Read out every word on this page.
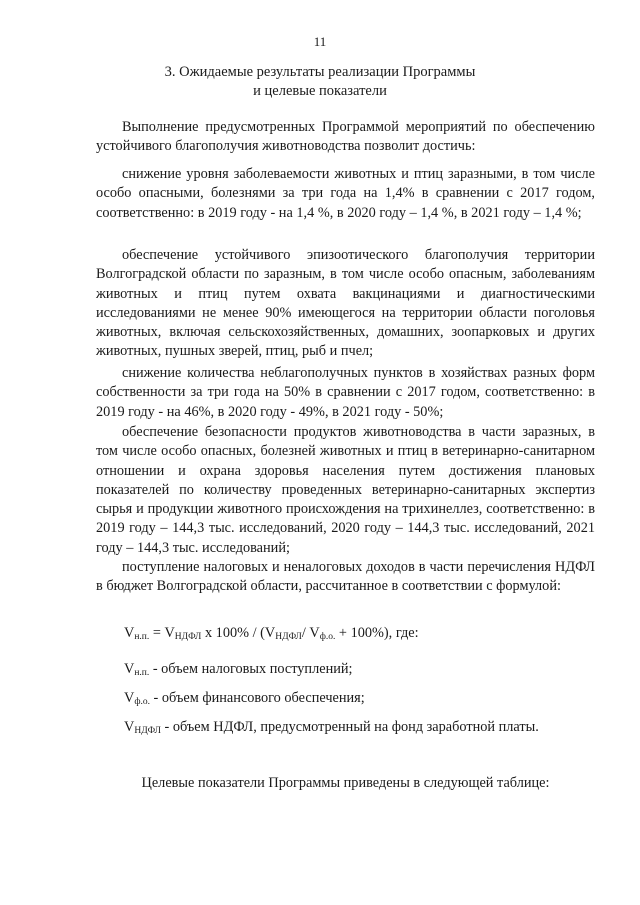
11
3. Ожидаемые результаты реализации Программы
и целевые показатели
Выполнение предусмотренных Программой мероприятий по обеспечению устойчивого благополучия животноводства позволит достичь:
снижение уровня заболеваемости животных и птиц заразными, в том числе особо опасными, болезнями за три года на 1,4% в сравнении с 2017 годом, соответственно: в 2019 году - на 1,4 %, в 2020 году – 1,4 %, в 2021 году – 1,4 %;
обеспечение устойчивого эпизоотического благополучия территории Волгоградской области по заразным, в том числе особо опасным, заболеваниям животных и птиц путем охвата вакцинациями и диагностическими исследованиями не менее 90% имеющегося на территории области поголовья животных, включая сельскохозяйственных, домашних, зоопарковых и других животных, пушных зверей, птиц, рыб и пчел;
снижение количества неблагополучных пунктов в хозяйствах разных форм собственности за три года на 50% в сравнении с 2017 годом, соответственно: в 2019 году - на 46%, в 2020 году - 49%, в 2021 году - 50%;
обеспечение безопасности продуктов животноводства в части заразных, в том числе особо опасных, болезней животных и птиц в ветеринарно-санитарном отношении и охрана здоровья населения путем достижения плановых показателей по количеству проведенных ветеринарно-санитарных экспертиз сырья и продукции животного происхождения на трихинеллез, соответственно: в 2019 году – 144,3 тыс. исследований, 2020 году – 144,3 тыс. исследований, 2021 году – 144,3 тыс. исследований;
поступление налоговых и неналоговых доходов в части перечисления НДФЛ в бюджет Волгоградской области, рассчитанное в соответствии с формулой:
$V_{н.п.} = V_{НДФЛ}$ x $100\% / (V_{НДФЛ}/$ $V_{ф.о.} + 100\%$), где:
$V_{н.п.}$ - объем налоговых поступлений;
$V_{ф.о.}$ - объем финансового обеспечения;
$V_{НДФЛ}$ - объем НДФЛ, предусмотренный на фонд заработной платы.
Целевые показатели Программы приведены в следующей таблице:
